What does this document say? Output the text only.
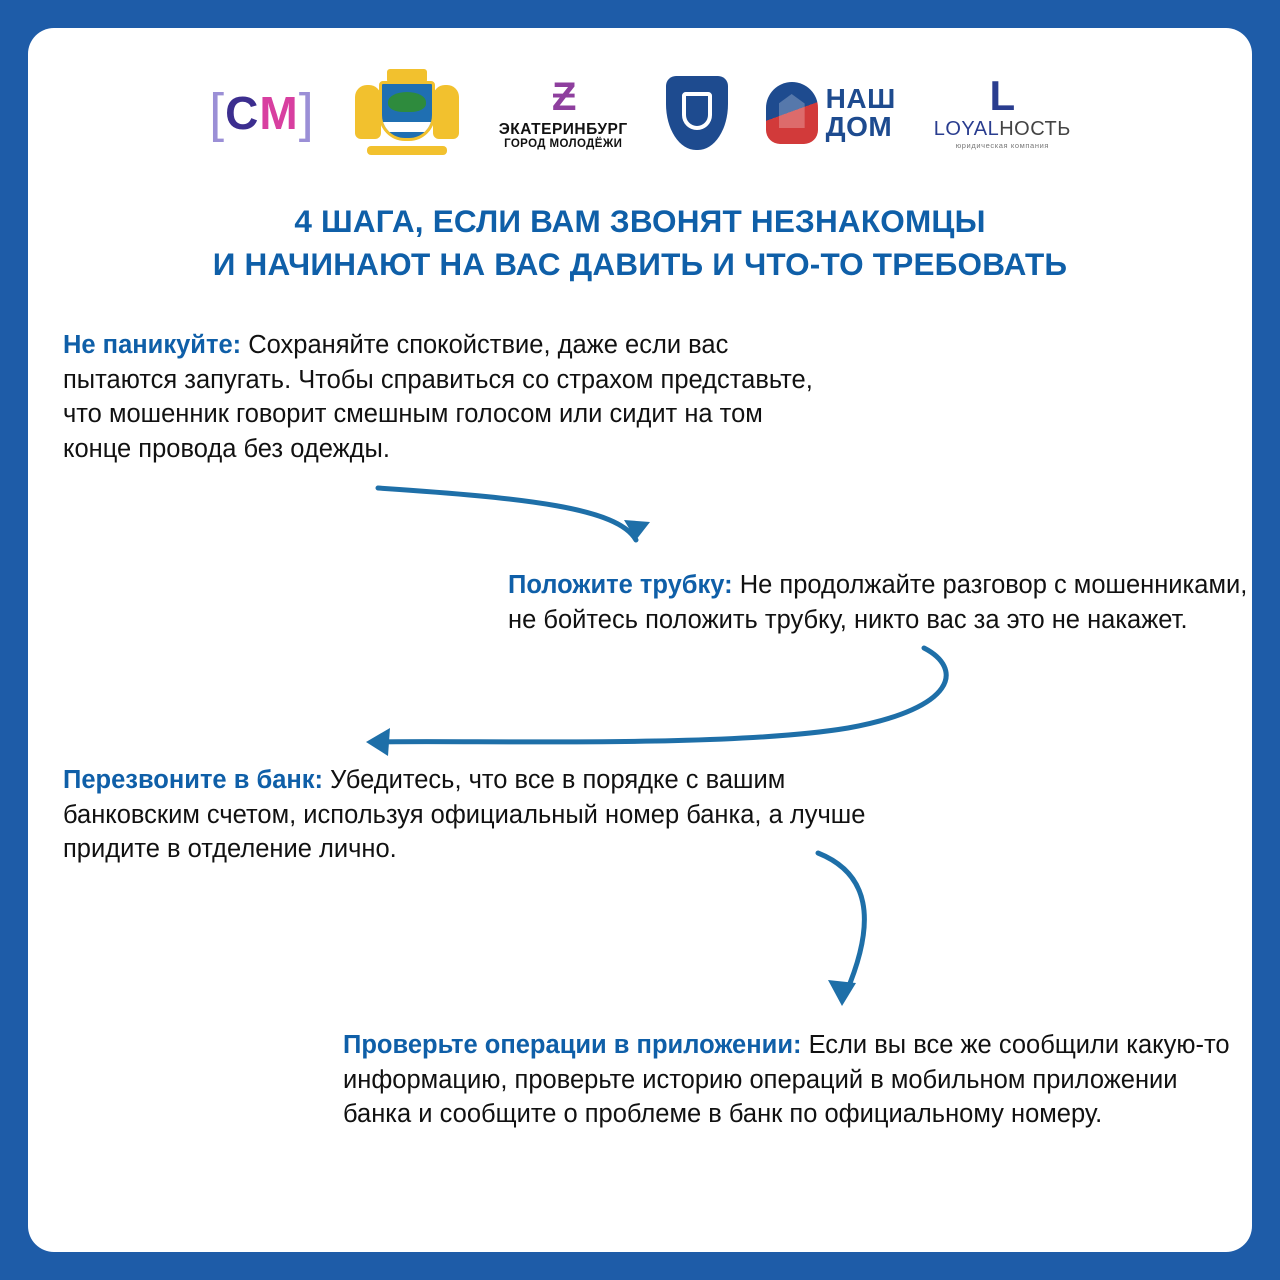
[ С М ]	Ƶ
ЭКАТЕРИНБУРГ
ГОРОД МОЛОДЁЖИ
НАШ
ДОМ
L
LOYALНОСТЬ
юридическая компания
4 ШАГА, ЕСЛИ ВАМ ЗВОНЯТ НЕЗНАКОМЦЫ
И НАЧИНАЮТ НА ВАС ДАВИТЬ И ЧТО-ТО ТРЕБОВАТЬ
Не паникуйте: Сохраняйте спокойствие, даже если вас пытаются запугать. Чтобы справиться со страхом представьте, что мошенник говорит смешным голосом или сидит на том конце провода без одежды.
Положите трубку: Не продолжайте разговор с мошенниками, не бойтесь положить трубку, никто вас за это не накажет.
Перезвоните в банк: Убедитесь, что все в порядке с вашим банковским счетом, используя официальный номер банка, а лучше придите в отделение лично.
Проверьте операции в приложении: Если вы все же сообщили какую-то информацию, проверьте историю операций в мобильном приложении банка и сообщите о проблеме в банк по официальному номеру.
